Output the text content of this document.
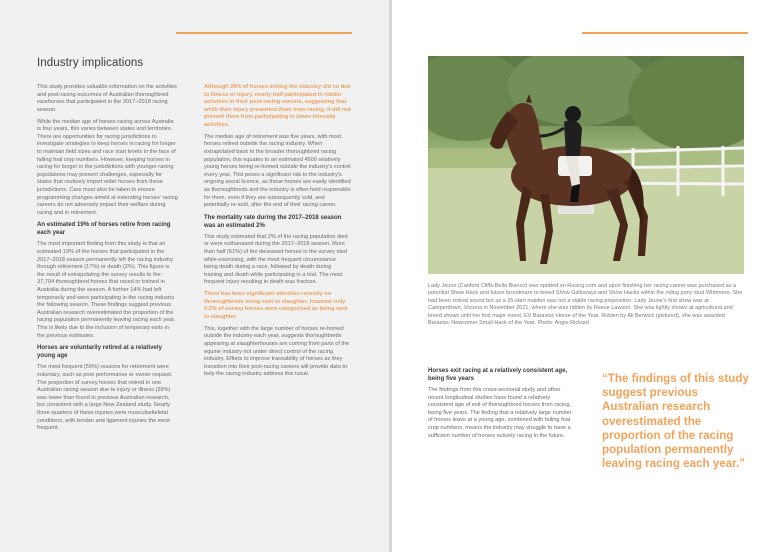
Industry implications

This study provides valuable information on the activities and post-racing outcomes of Australian thoroughbred racehorses that participated in the 2017–2018 racing season.

While the median age of horses racing across Australia is four years, this varies between states and territories. There are opportunities for racing jurisdictions to investigate strategies to keep horses in racing for longer to maintain field sizes and race start levels in the face of falling foal crop numbers. However, keeping horses in racing for longer in the jurisdictions with younger racing populations may present challenges, especially for states that routinely import older horses from these jurisdictions. Care must also be taken to ensure programming changes aimed at extending horses' racing careers do not adversely impact their welfare during racing and in retirement.

An estimated 19% of horses retire from racing each year

The most important finding from this study is that an estimated 19% of the horses that participated in the 2017–2018 season permanently left the racing industry through retirement (17%) or death (2%). This figure is the result of extrapolating the survey results to the 37,704 thoroughbred horses that raced or trained in Australia during the season. A further 14% had left temporarily and were participating in the racing industry the following season. These findings suggest previous Australian research overestimated the proportion of the racing population permanently leaving racing each year. This is likely due to the inclusion of temporary exits in the previous estimates.

Horses are voluntarily retired at a relatively young age

The most frequent (59%) reasons for retirement were voluntary, such as poor performance or owner request. The proportion of survey horses that retired in one Australian racing season due to injury or illness (29%) was lower than found in previous Australian research, but consistent with a large New Zealand study. Nearly three-quarters of these injuries were musculoskeletal conditions, with tendon and ligament injuries the most frequent.

Although 29% of horses exiting the industry did so due to illness or injury, nearly half participated in ridden activities in their post-racing careers, suggesting that while their injury prevented them from racing, it did not prevent them from participating in lower-intensity activities.

The median age of retirement was five years, with most horses retired outside the racing industry. When extrapolated back to the broader thoroughbred racing population, this equates to an estimated 4500 relatively young horses being re-homed outside the industry's control every year. This poses a significant risk to the industry's ongoing social licence, as these horses are easily identified as thoroughbreds and the industry is often held responsible for them, even if they are subsequently sold, and potentially re-sold, after the end of their racing career.

The mortality rate during the 2017–2018 season was an estimated 2%

This study estimated that 2% of the racing population died or were euthanased during the 2017–2018 season. More than half (61%) of the deceased horses in the survey died while exercising, with the most frequent circumstance being death during a race, followed by death during training and death while participating in a trial. The most frequent injury resulting in death was fracture.

There has been significant attention recently on thoroughbreds being sent to slaughter, however only 0.2% of survey horses were categorised as being sent to slaughter.

This, together with the large number of horses re-homed outside the industry each year, suggests thoroughbreds appearing at slaughterhouses are coming from parts of the equine industry not under direct control of the racing industry. Efforts to improve traceability of horses as they transition into their post-racing careers will provide data to help the racing industry address this issue.

Lady Jeune (Canford Cliffs-Bella Bianco) was spotted on Racing.com and upon finishing her racing career was purchased as a potential Show Hack and future broodmare to breed Show Galloways and Show Hacks within the riding pony stud Whitmere. She had been retired sound but as a 25-start maiden was not a viable racing proposition. Lady Jeune's first show was at Camperdown, Victoria in November 2021, where she was ridden by Reece Lawson. She was lightly shown at agricultural and breed shows until her first major event, EV Barastoc Horse of the Year. Ridden by Ali Berwick (pictured), she was awarded Barastoc Newcomer Small Hack of the Year. Photo: Angie Rickard

Horses exit racing at a relatively consistent age, being five years

The findings from this cross-sectional study and other recent longitudinal studies have found a relatively consistent age of exit of thoroughbred horses from racing, being five years. The finding that a relatively large number of horses leave at a young age, combined with falling foal crop numbers, means the industry may struggle to have a sufficient number of horses actively racing in the future.

“The findings of this study suggest previous Australian research overestimated the proportion of the racing population permanently leaving racing each year.”
